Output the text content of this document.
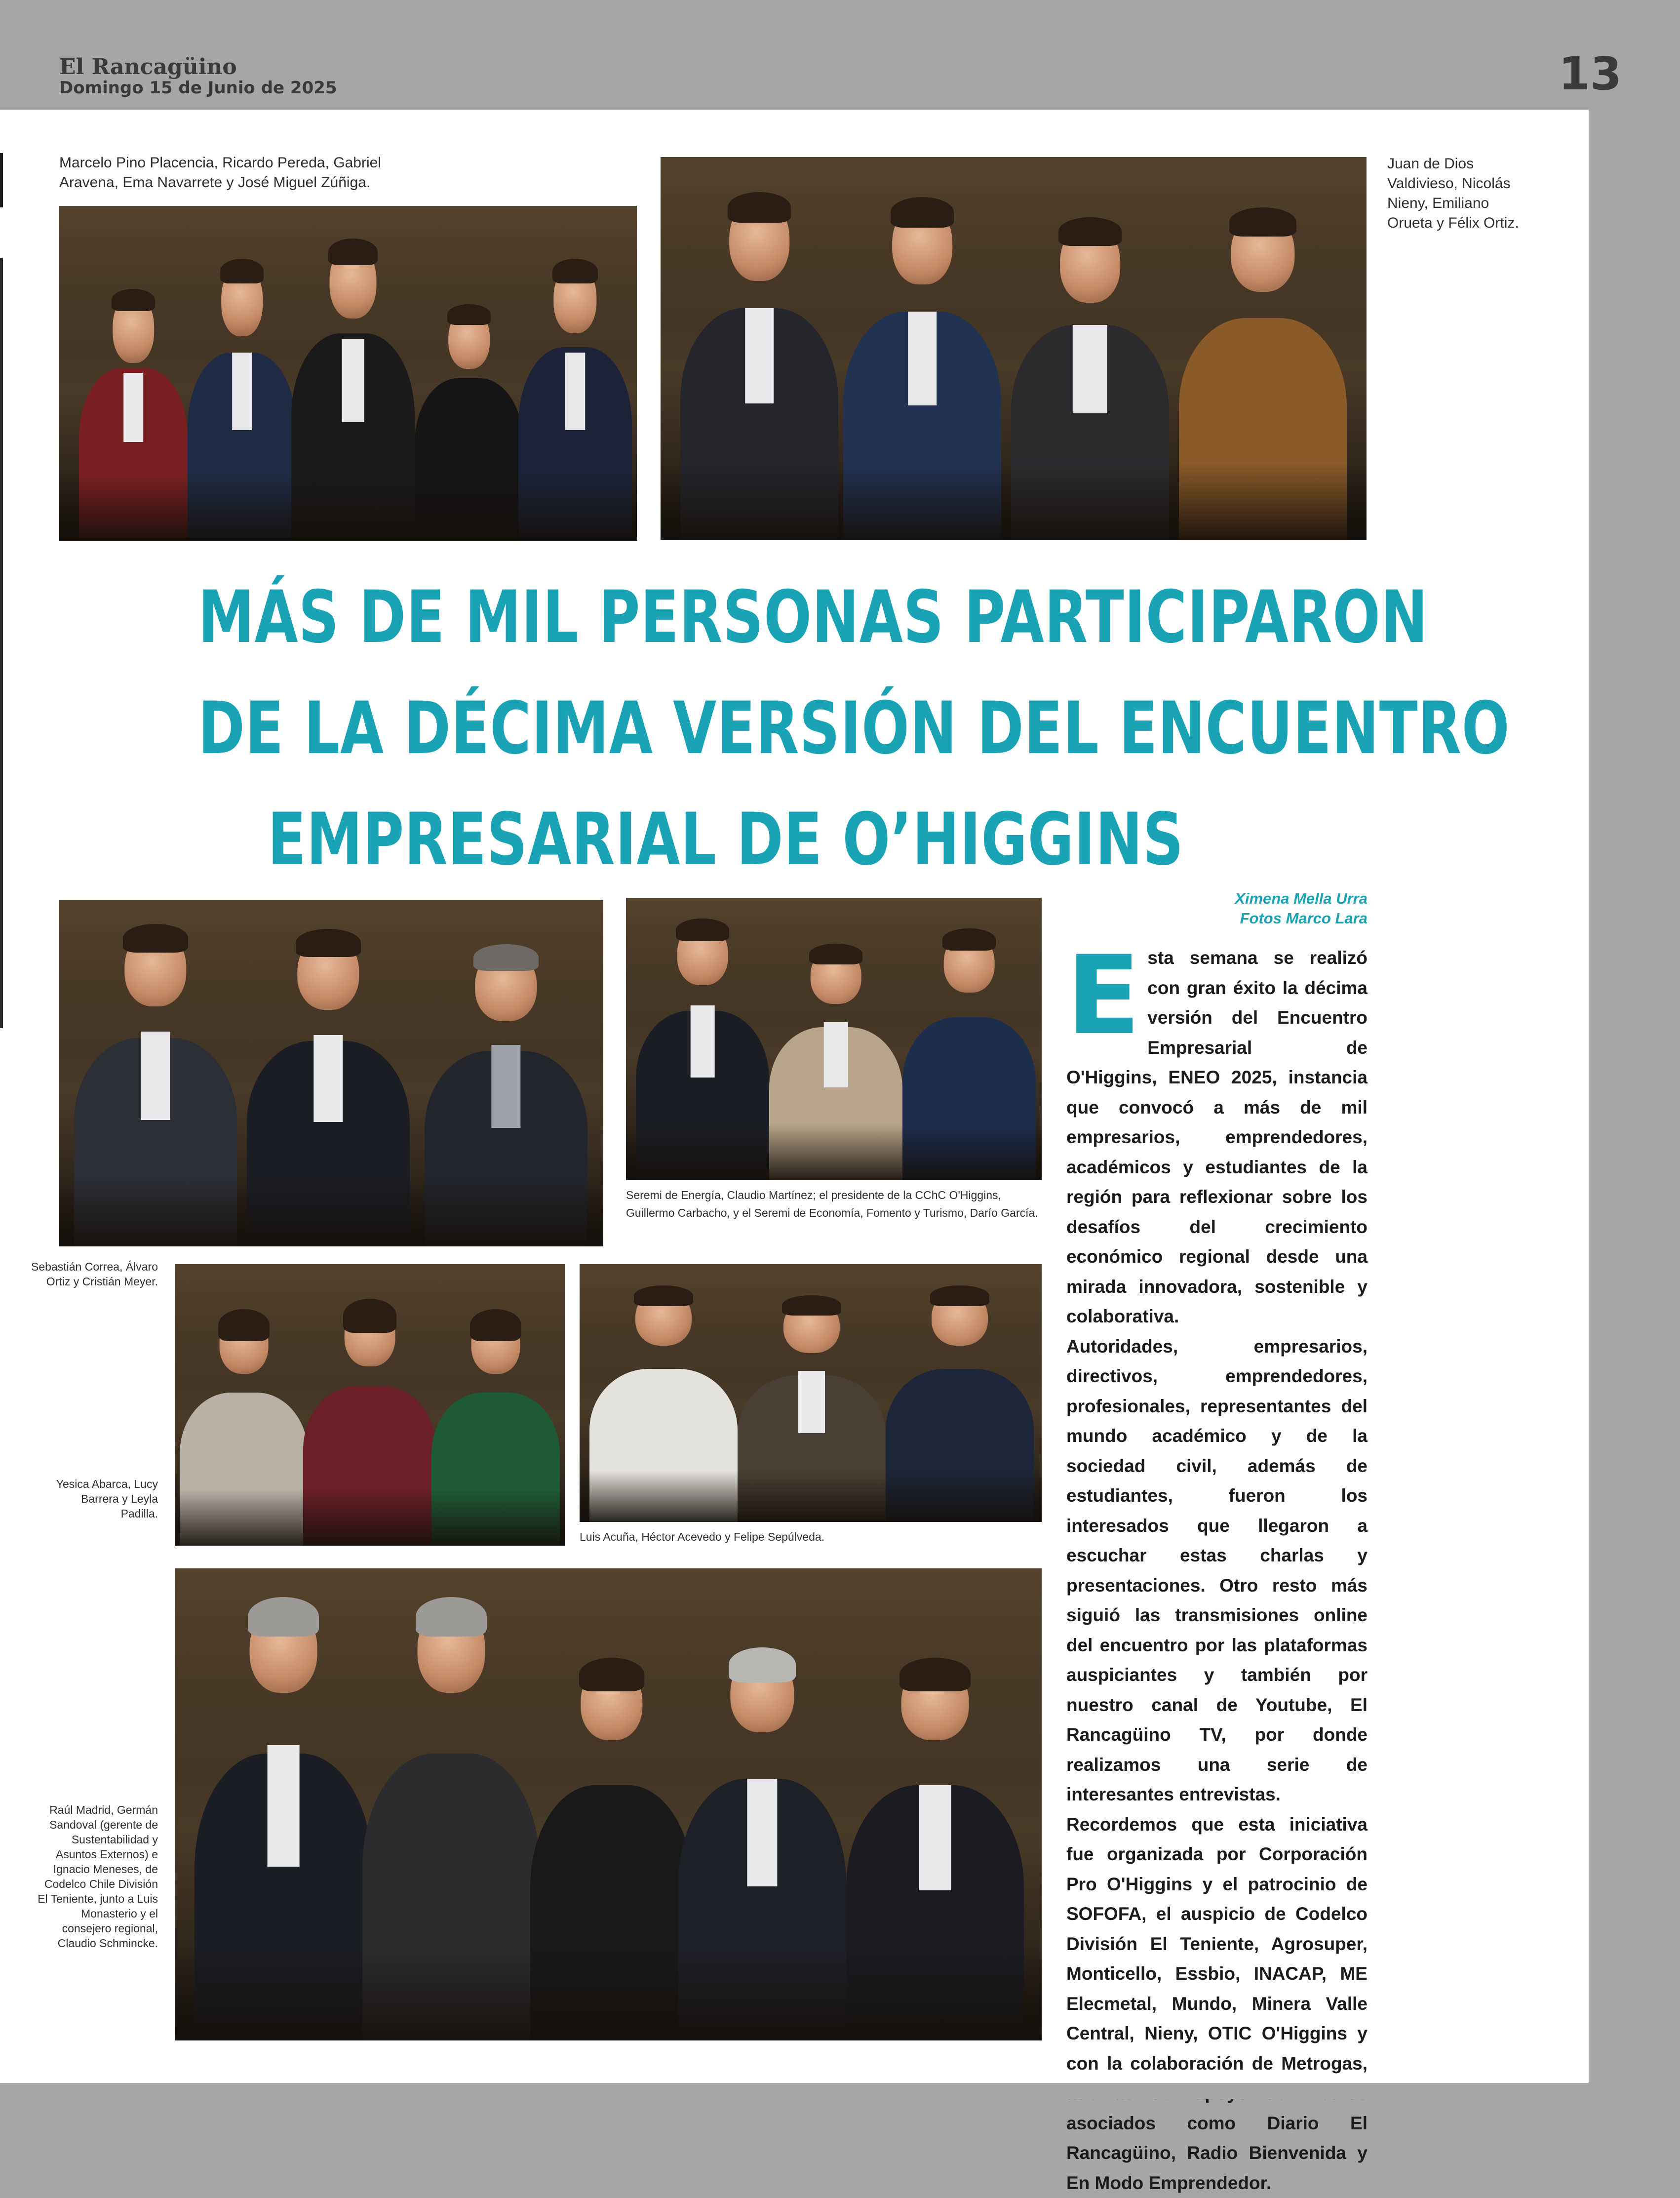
El Rancagüino
Domingo 15 de Junio de 2025	13
Marcelo Pino Placencia, Ricardo Pereda, Gabriel Aravena, Ema Navarrete y José Miguel Zúñiga.
Juan de Dios Valdivieso, Nicolás Nieny, Emiliano Orueta y Félix Ortiz.
MÁS DE MIL PERSONAS PARTICIPARON
DE LA DÉCIMA VERSIÓN DEL ENCUENTRO
EMPRESARIAL DE O’HIGGINS
Seremi de Energía, Claudio Martínez; el presidente de la CChC O'Higgins, Guillermo Carbacho, y el Seremi de Economía, Fomento y Turismo, Darío García.
Sebastián Correa, Álvaro Ortiz y Cristián Meyer.
Yesica Abarca, Lucy Barrera y Leyla Padilla.
Luis Acuña, Héctor Acevedo y Felipe Sepúlveda.
Raúl Madrid, Germán Sandoval (gerente de Sustentabilidad y Asuntos Externos) e Ignacio Meneses, de Codelco Chile División El Teniente, junto a Luis Monasterio y el consejero regional, Claudio Schmincke.
Ximena Mella Urra
Fotos Marco Lara

Esta semana se realizó con gran éxito la décima versión del Encuentro Empresarial de O'Higgins, ENEO 2025, instancia que convocó a más de mil empresarios, emprendedores, académicos y estudiantes de la región para reflexionar sobre los desafíos del crecimiento económico regional desde una mirada innovadora, sostenible y colaborativa.

Autoridades, empresarios, directivos, emprendedores, profesionales, representantes del mundo académico y de la sociedad civil, además de estudiantes, fueron los interesados que llegaron a escuchar estas charlas y presentaciones. Otro resto más siguió las transmisiones online del encuentro por las plataformas auspiciantes y también por nuestro canal de Youtube, El Rancagüino TV, por donde realizamos una serie de interesantes entrevistas.

Recordemos que esta iniciativa fue organizada por Corporación Pro O'Higgins y el patrocinio de SOFOFA, el auspicio de Codelco División El Teniente, Agrosuper, Monticello, Essbio, INACAP, ME Elecmetal, Mundo, Minera Valle Central, Nieny, OTIC O'Higgins y con la colaboración de Metrogas, asociados como Diario El Rancagüino, Radio Bienvenida y En Modo Emprendedor.
